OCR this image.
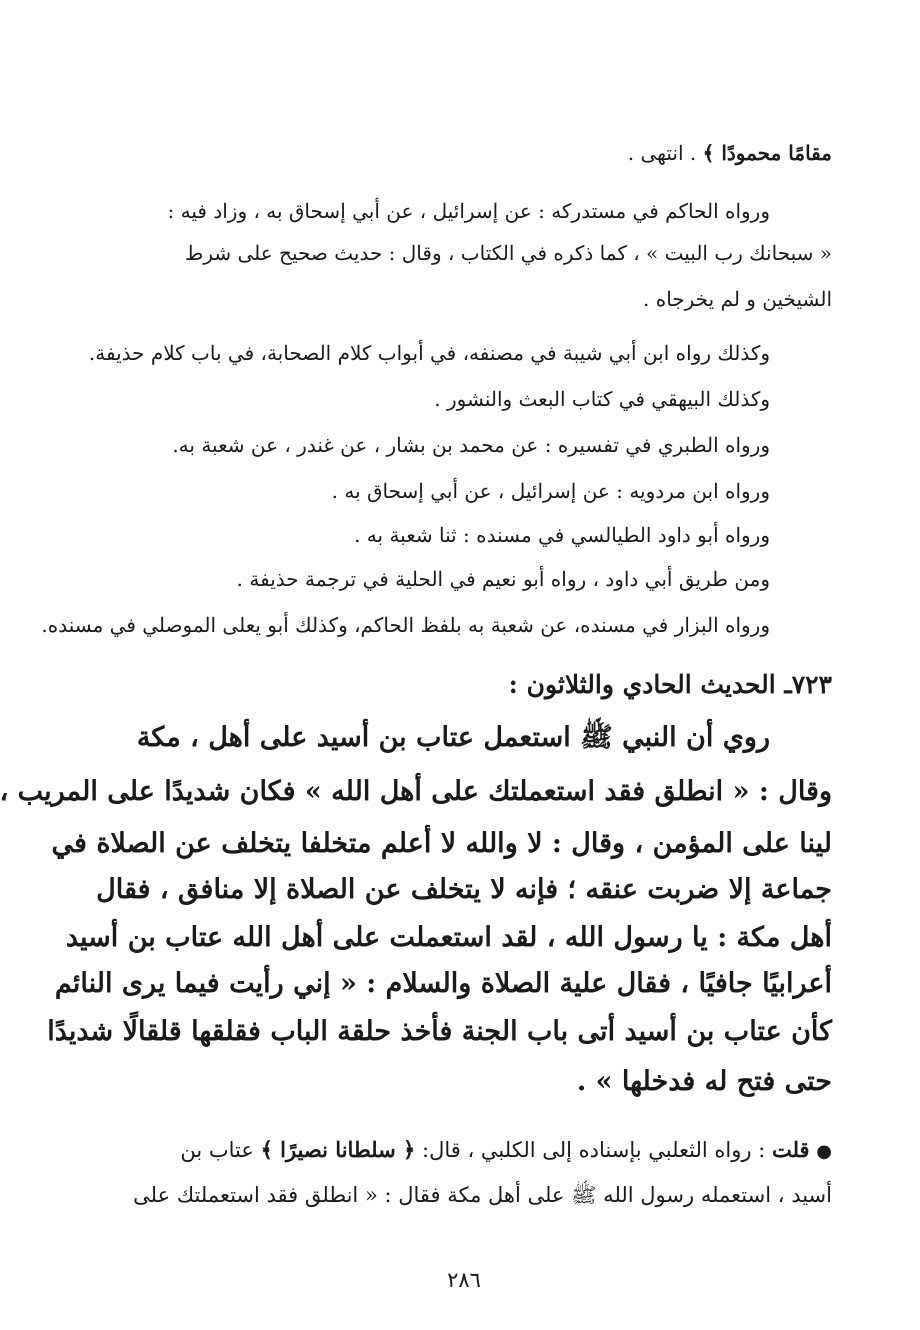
مقامًا محمودًا ﴾ . انتهى .
ورواه الحاكم في مستدركه : عن إسرائيل ، عن أبي إسحاق به ، وزاد فيه :
« سبحانك رب البيت » ، كما ذكره في الكتاب ، وقال : حديث صحيح على شرط
الشيخين و لم يخرجاه .
وكذلك رواه ابن أبي شيبة في مصنفه، في أبواب كلام الصحابة، في باب كلام حذيفة.
وكذلك البيهقي في كتاب البعث والنشور .
ورواه الطبري في تفسيره : عن محمد بن بشار ، عن غندر ، عن شعبة به.
ورواه ابن مردويه : عن إسرائيل ، عن أبي إسحاق به .
ورواه أبو داود الطيالسي في مسنده : ثنا شعبة به .
ومن طريق أبي داود ، رواه أبو نعيم في الحلية في ترجمة حذيفة .
ورواه البزار في مسنده، عن شعبة به بلفظ الحاكم، وكذلك أبو يعلى الموصلي في مسنده.
٧٢٣ـ الحديث الحادي والثلاثون :
روي أن النبي ﷺ استعمل عتاب بن أسيد على أهل ، مكة
وقال : « انطلق فقد استعملتك على أهل الله » فكان شديدًا على المريب ،
لينا على المؤمن ، وقال : لا والله لا أعلم متخلفا يتخلف عن الصلاة في
جماعة إلا ضربت عنقه ؛ فإنه لا يتخلف عن الصلاة إلا منافق ، فقال
أهل مكة : يا رسول الله ، لقد استعملت على أهل الله عتاب بن أسيد
أعرابيًا جافيًا ، فقال علية الصلاة والسلام : « إني رأيت فيما يرى النائم
كأن عتاب بن أسيد أتى باب الجنة فأخذ حلقة الباب فقلقها قلقالًا شديدًا
حتى فتح له فدخلها » .
● قلت : رواه الثعلبي بإسناده إلى الكلبي ، قال: ﴿ سلطانا نصيرًا ﴾ عتاب بن
أسيد ، استعمله رسول الله ﷺ على أهل مكة فقال : « انطلق فقد استعملتك على
٢٨٦
